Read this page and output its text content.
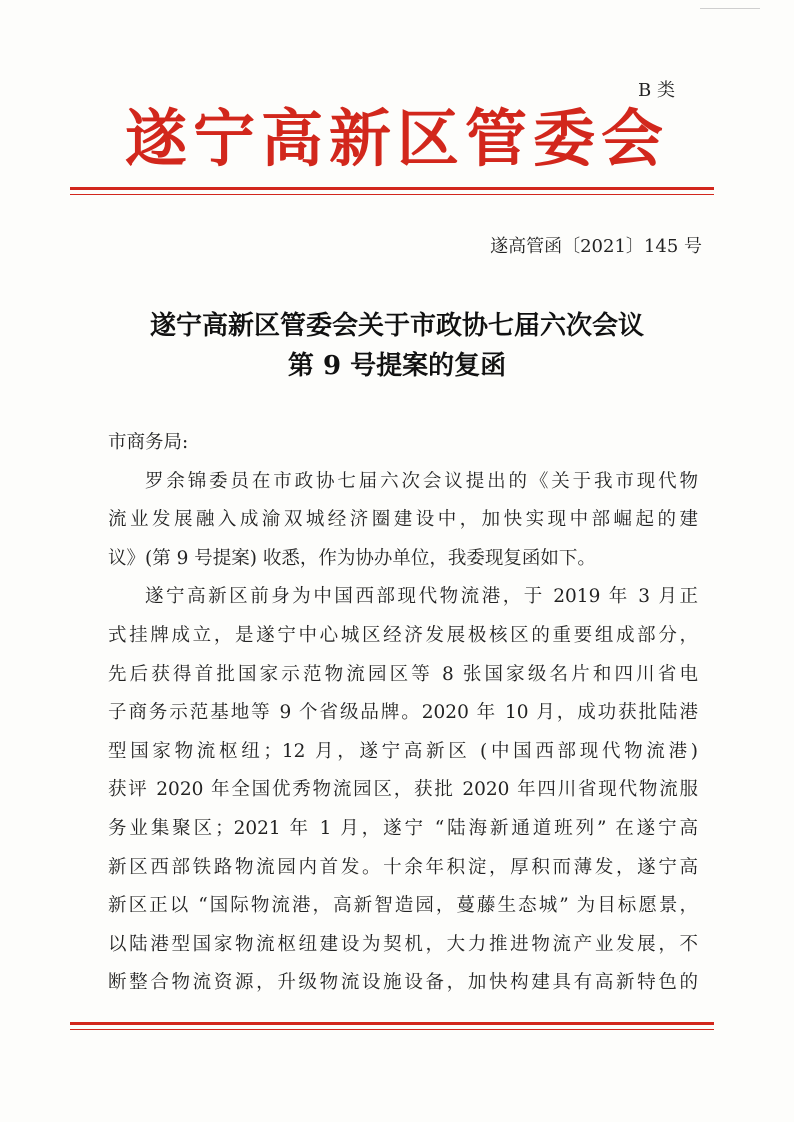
B 类
遂宁高新区管委会
遂高管函〔2021〕145 号
遂宁高新区管委会关于市政协七届六次会议
第 9 号提案的复函

市商务局:

罗余锦委员在市政协七届六次会议提出的《关于我市现代物

流业发展融入成渝双城经济圈建设中，加快实现中部崛起的建

议》(第 9 号提案) 收悉，作为协办单位，我委现复函如下。

遂宁高新区前身为中国西部现代物流港，于 2019 年 3 月正

式挂牌成立，是遂宁中心城区经济发展极核区的重要组成部分，

先后获得首批国家示范物流园区等 8 张国家级名片和四川省电

子商务示范基地等 9 个省级品牌。2020 年 10 月，成功获批陆港

型国家物流枢纽；12 月，遂宁高新区 (中国西部现代物流港)

获评 2020 年全国优秀物流园区，获批 2020 年四川省现代物流服

务业集聚区；2021 年 1 月，遂宁 “陆海新通道班列” 在遂宁高

新区西部铁路物流园内首发。十余年积淀，厚积而薄发，遂宁高

新区正以 “国际物流港，高新智造园，蔓藤生态城” 为目标愿景，

以陆港型国家物流枢纽建设为契机，大力推进物流产业发展，不

断整合物流资源，升级物流设施设备，加快构建具有高新特色的
